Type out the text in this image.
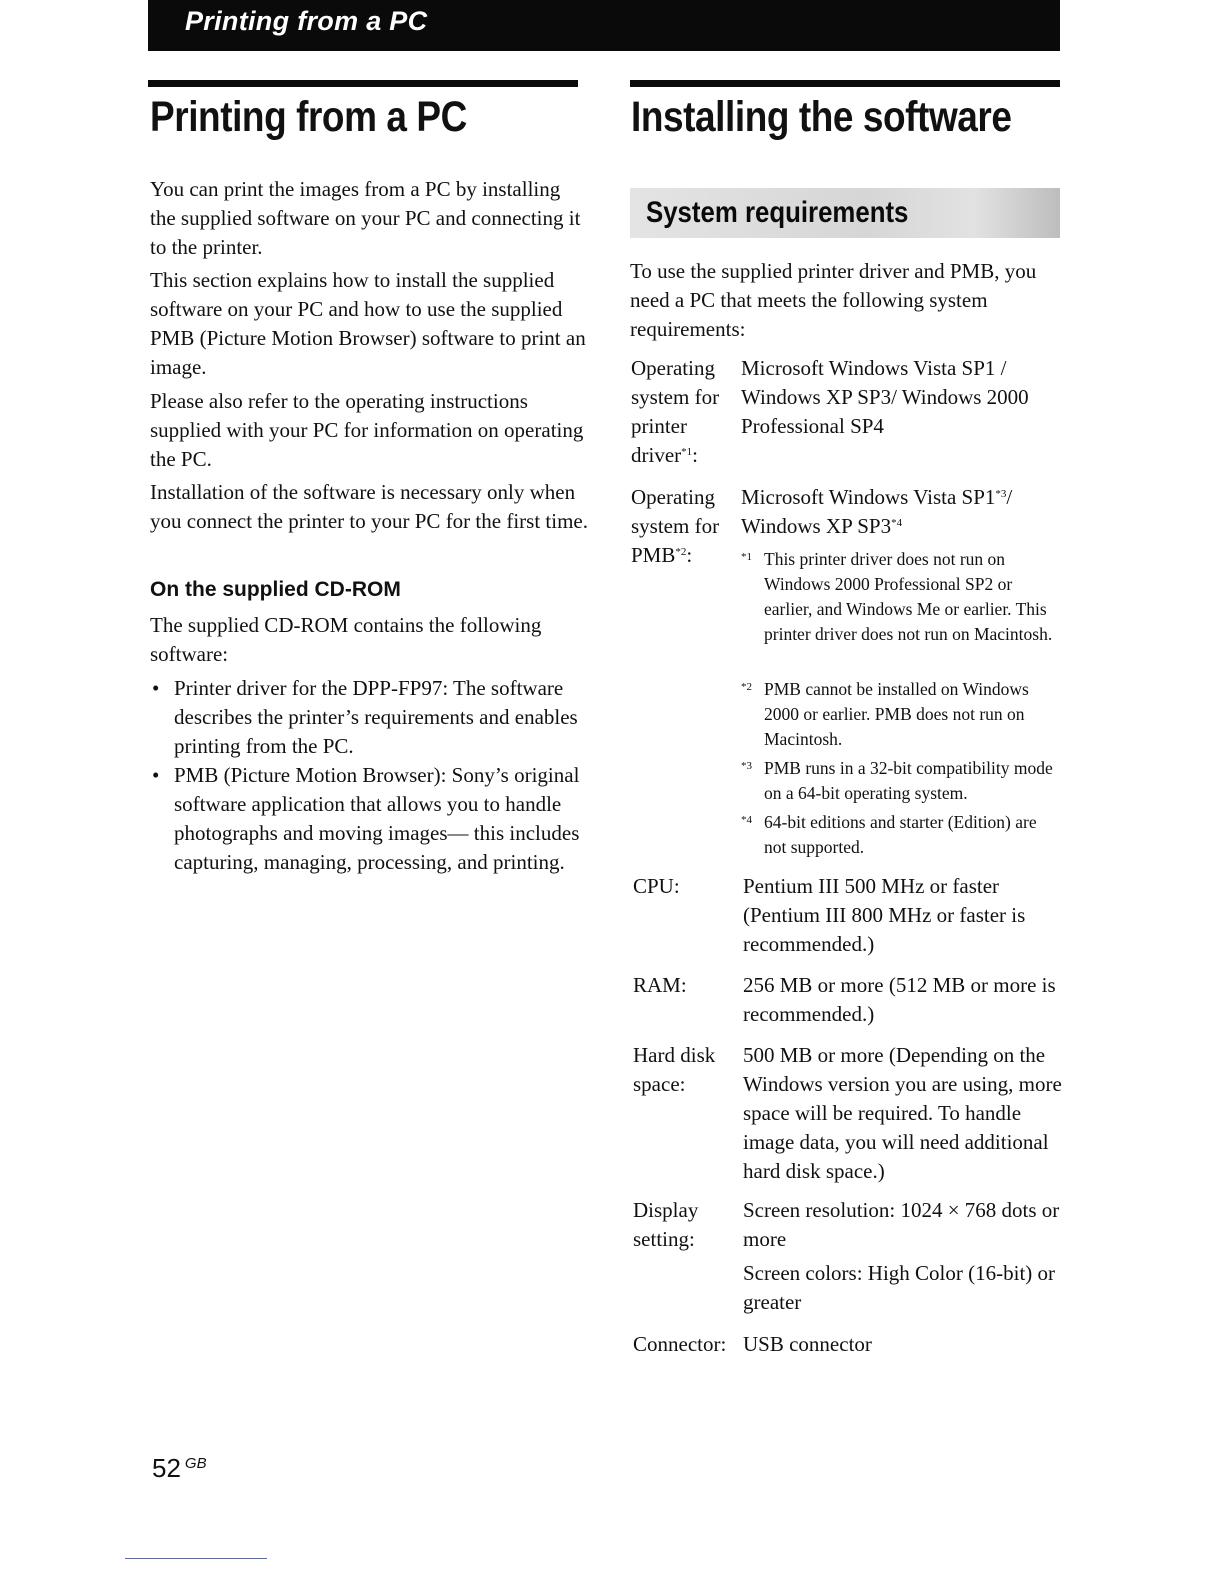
Printing from a PC
Printing from a PC

You can print the images from a PC by installing the supplied software on your PC and connecting it to the printer.

This section explains how to install the supplied software on your PC and how to use the supplied PMB (Picture Motion Browser) software to print an image.

Please also refer to the operating instructions supplied with your PC for information on operating the PC.

Installation of the software is necessary only when you connect the printer to your PC for the first time.

On the supplied CD-ROM

The supplied CD-ROM contains the following software:

• Printer driver for the DPP-FP97: The software describes the printer’s requirements and enables printing from the PC.
• PMB (Picture Motion Browser): Sony’s original software application that allows you to handle photographs and moving images— this includes capturing, managing, processing, and printing.
Installing the software
System requirements

To use the supplied printer driver and PMB, you need a PC that meets the following system requirements:

Operating
system for
printer
driver$^{*1}$:
Microsoft Windows Vista SP1 / Windows XP SP3/ Windows 2000 Professional SP4
Operating
system for
PMB$^{*2}$:
Microsoft Windows Vista SP1$^{*3}$/
Windows XP SP3$^{*4}$
*1 This printer driver does not run on Windows 2000 Professional SP2 or earlier, and Windows Me or earlier. This printer driver does not run on Macintosh.
*2 PMB cannot be installed on Windows 2000 or earlier. PMB does not run on Macintosh.
*3 PMB runs in a 32-bit compatibility mode on a 64-bit operating system.
*4 64-bit editions and starter (Edition) are not supported.
CPU:	Pentium III 500 MHz or faster (Pentium III 800 MHz or faster is recommended.)
RAM:	256 MB or more (512 MB or more is recommended.)
Hard disk
space:
500 MB or more (Depending on the Windows version you are using, more space will be required. To handle image data, you will need additional hard disk space.)
Display
setting:
Screen resolution: 1024 × 768 dots or more
Screen colors: High Color (16-bit) or greater
Connector: USB connector
52 $^{GB}$
